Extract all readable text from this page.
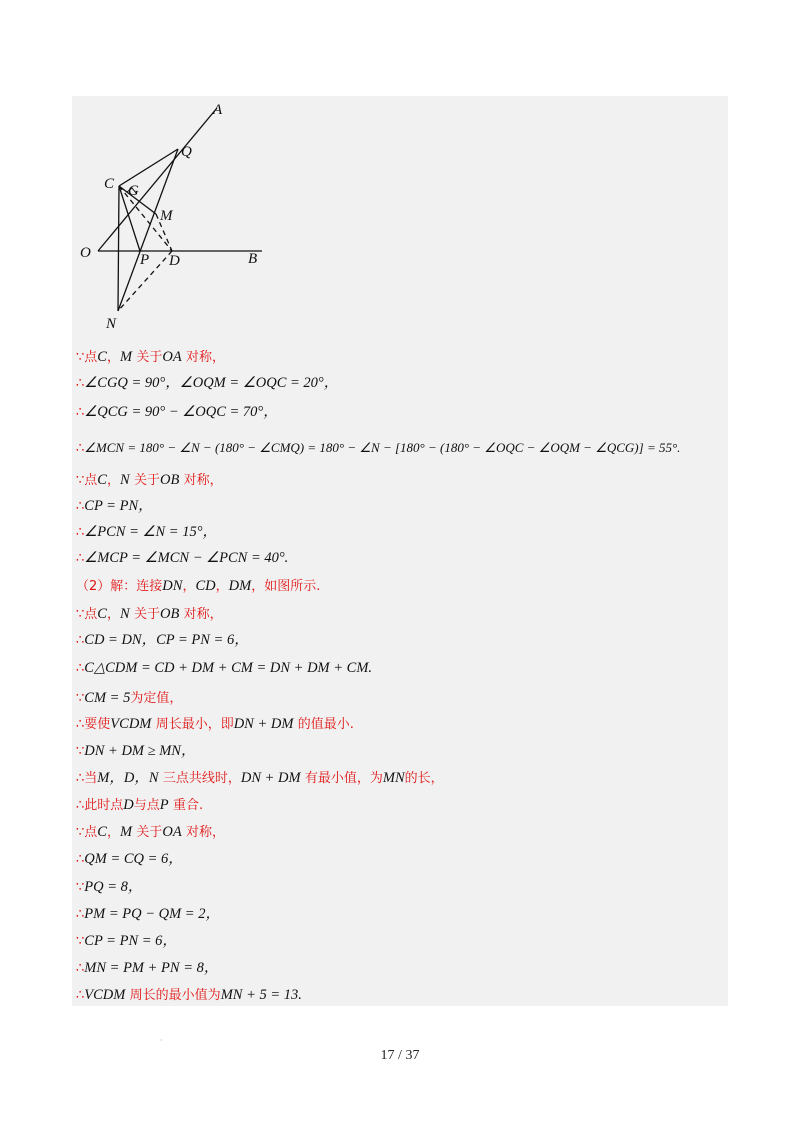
A
Q
C G
M
O	P D	B
N
∵点C，M 关于OA 对称，
∴∠CGQ = 90°，∠OQM = ∠OQC = 20°，
∴∠QCG = 90° − ∠OQC = 70°，
∴∠MCN = 180° − ∠N − (180° − ∠CMQ) = 180° − ∠N − [180° − (180° − ∠OQC − ∠OQM − ∠QCG)] = 55°.
∵点C，N 关于OB 对称，
∴CP = PN，
∴∠PCN = ∠N = 15°，
∴∠MCP = ∠MCN − ∠PCN = 40°.
（2）解：连接DN，CD，DM，如图所示.
∵点C，N 关于OB 对称，
∴CD = DN，CP = PN = 6，
∴C△CDM = CD + DM + CM = DN + DM + CM.
∵CM = 5为定值，
∴要使VCDM 周长最小，即DN + DM 的值最小.
∵DN + DM ≥ MN，
∴当M，D，N 三点共线时，DN + DM 有最小值，为MN的长，
∴此时点D与点P 重合.
∵点C，M 关于OA 对称，
∴QM = CQ = 6，
∵PQ = 8，
∴PM = PQ − QM = 2，
∵CP = PN = 6，
∴MN = PM + PN = 8，
∴VCDM 周长的最小值为MN + 5 = 13.
·
17 / 37
